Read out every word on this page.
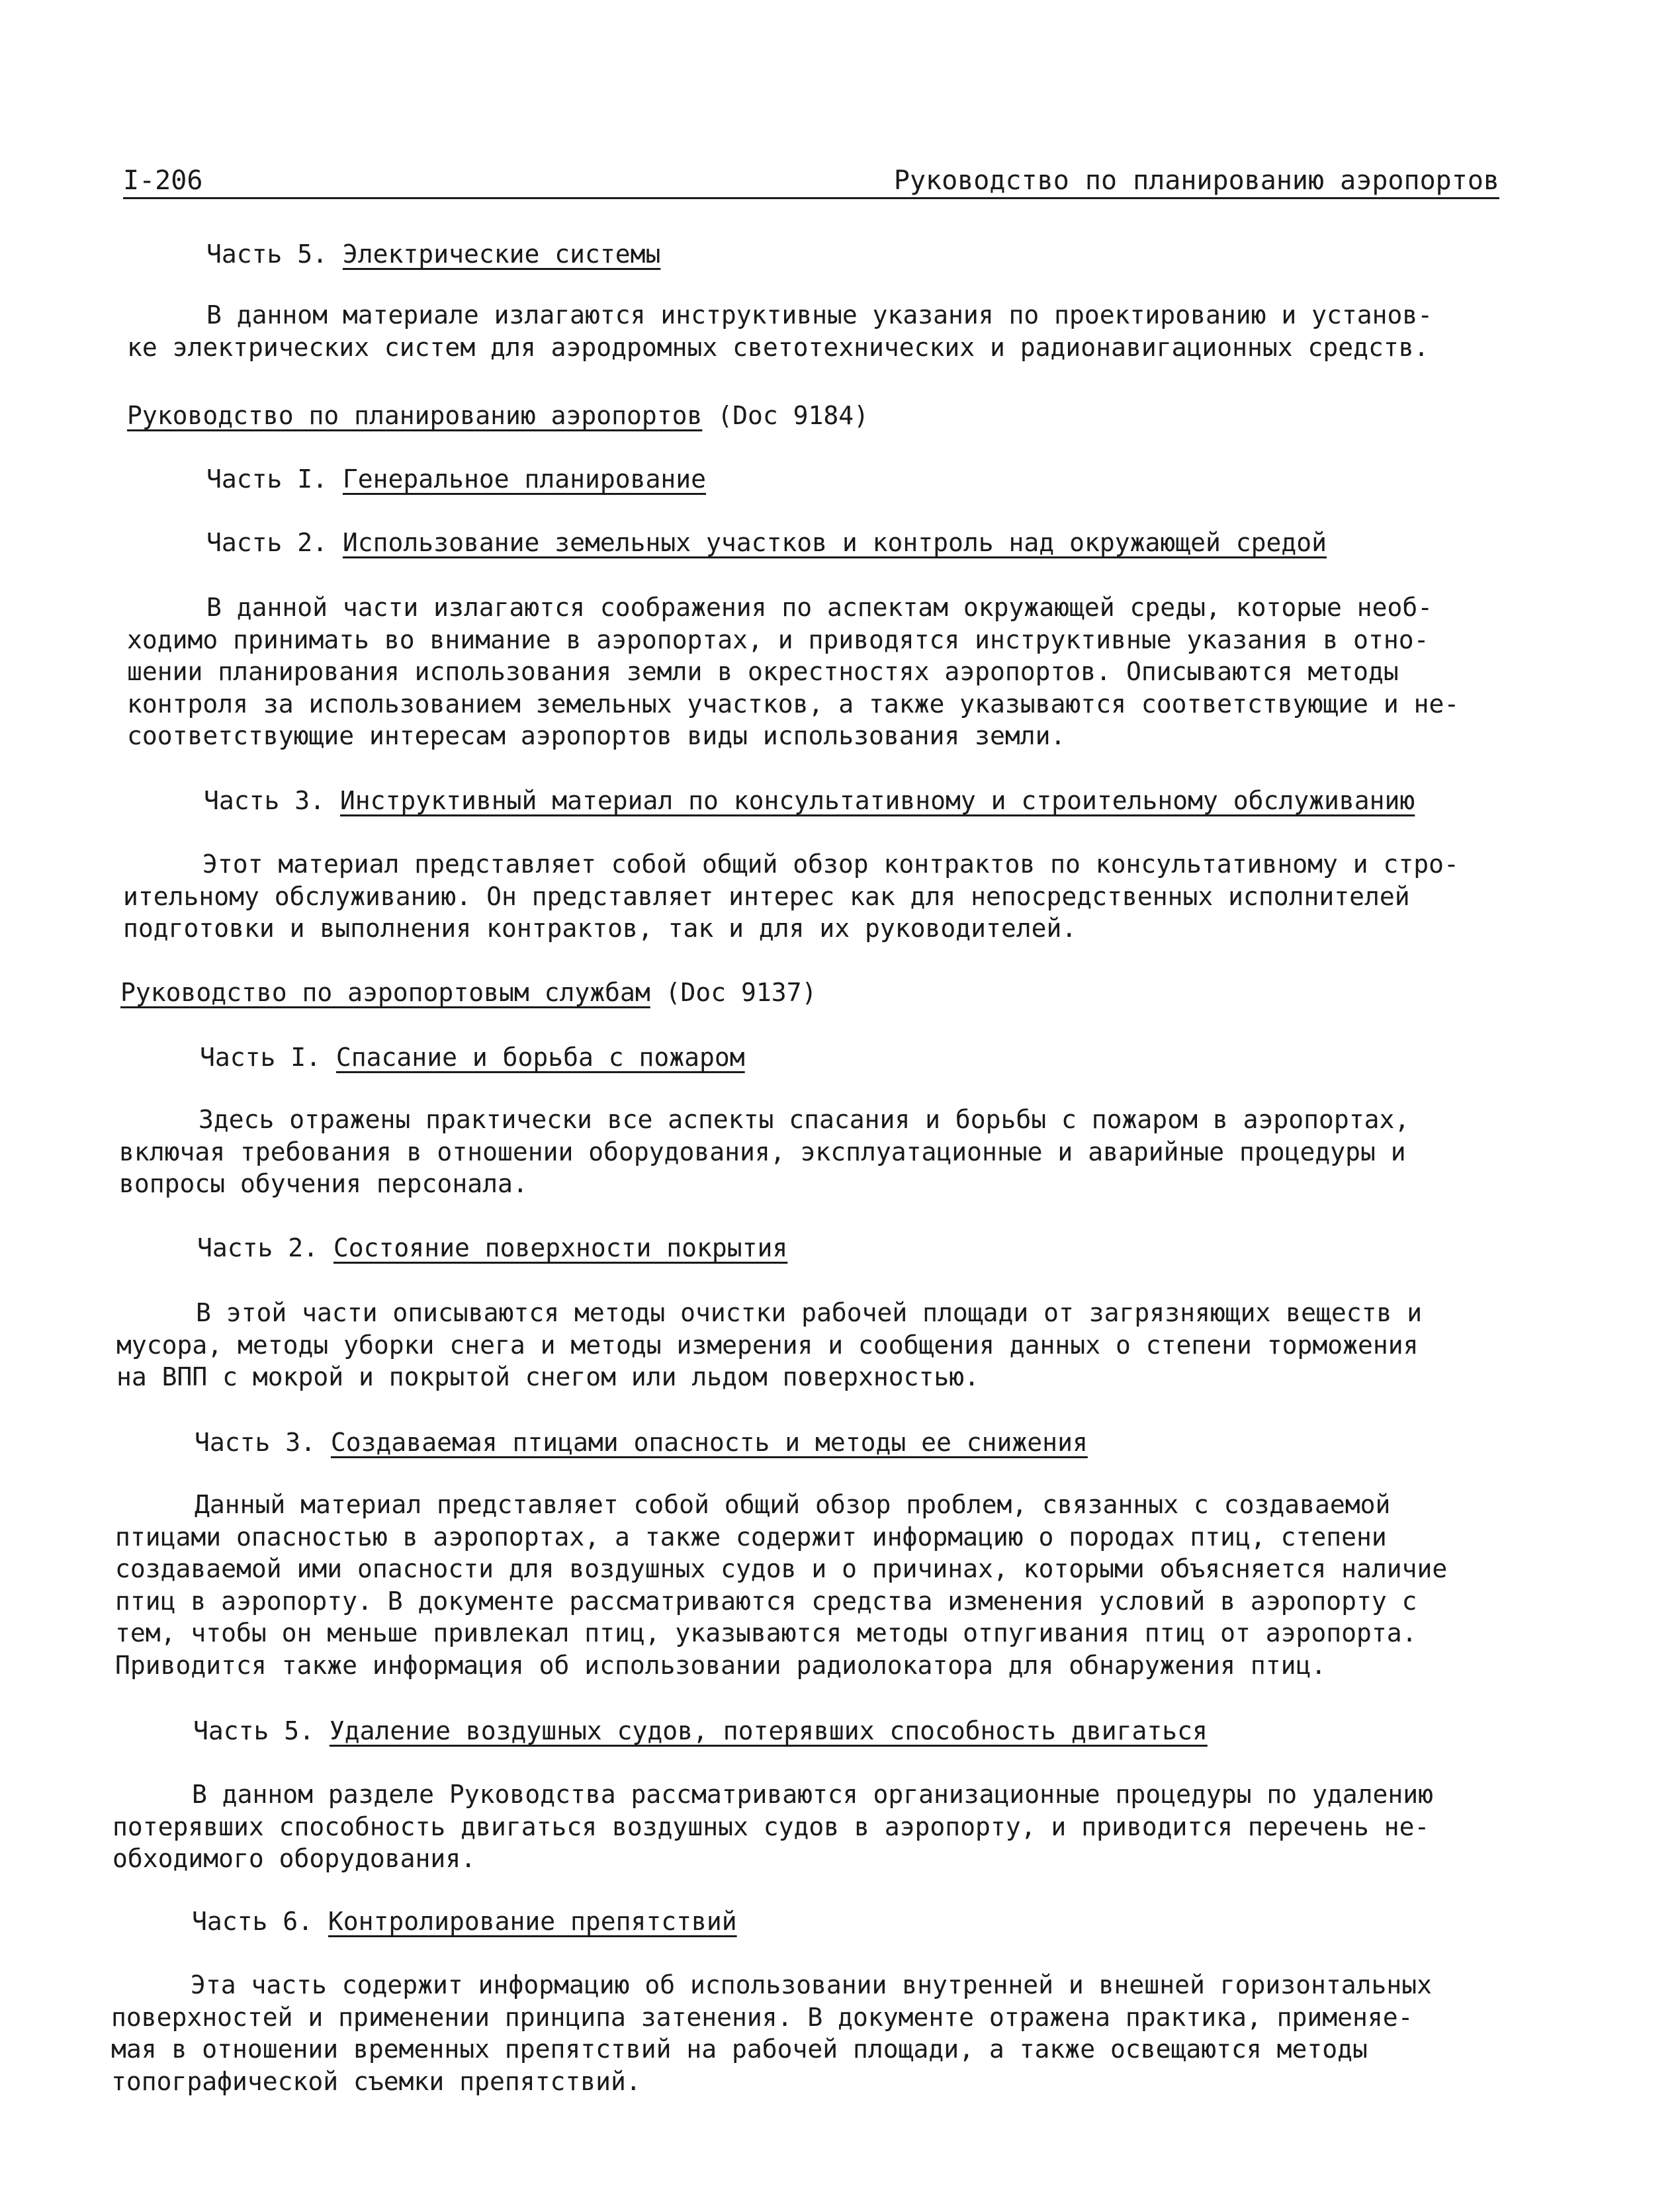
I-206	Руководство по планированию аэропортов
Часть 5. Электрические системы
В данном материале излагаются инструктивные указания по проектированию и установ-
ке электрических систем для аэродромных светотехнических и радионавигационных средств.
Руководство по планированию аэропортов (Doc 9184)
Часть I. Генеральное планирование
Часть 2. Использование земельных участков и контроль над окружающей средой
В данной части излагаются соображения по аспектам окружающей среды, которые необ-
ходимо принимать во внимание в аэропортах, и приводятся инструктивные указания в отно-
шении планирования использования земли в окрестностях аэропортов. Описываются методы
контроля за использованием земельных участков, а также указываются соответствующие и не-
соответствующие интересам аэропортов виды использования земли.
Часть 3. Инструктивный материал по консультативному и строительному обслуживанию
Этот материал представляет собой общий обзор контрактов по консультативному и стро-
ительному обслуживанию. Он представляет интерес как для непосредственных исполнителей
подготовки и выполнения контрактов, так и для их руководителей.
Руководство по аэропортовым службам (Doc 9137)
Часть I. Спасание и борьба с пожаром
Здесь отражены практически все аспекты спасания и борьбы с пожаром в аэропортах,
включая требования в отношении оборудования, эксплуатационные и аварийные процедуры и
вопросы обучения персонала.
Часть 2. Состояние поверхности покрытия
В этой части описываются методы очистки рабочей площади от загрязняющих веществ и
мусора, методы уборки снега и методы измерения и сообщения данных о степени торможения
на ВПП с мокрой и покрытой снегом или льдом поверхностью.
Часть 3. Создаваемая птицами опасность и методы ее снижения
Данный материал представляет собой общий обзор проблем, связанных с создаваемой
птицами опасностью в аэропортах, а также содержит информацию о породах птиц, степени
создаваемой ими опасности для воздушных судов и о причинах, которыми объясняется наличие
птиц в аэропорту. В документе рассматриваются средства изменения условий в аэропорту с
тем, чтобы он меньше привлекал птиц, указываются методы отпугивания птиц от аэропорта.
Приводится также информация об использовании радиолокатора для обнаружения птиц.
Часть 5. Удаление воздушных судов, потерявших способность двигаться
В данном разделе Руководства рассматриваются организационные процедуры по удалению
потерявших способность двигаться воздушных судов в аэропорту, и приводится перечень не-
обходимого оборудования.
Часть 6. Контролирование препятствий
Эта часть содержит информацию об использовании внутренней и внешней горизонтальных
поверхностей и применении принципа затенения. В документе отражена практика, применяе-
мая в отношении временных препятствий на рабочей площади, а также освещаются методы
топографической съемки препятствий.
